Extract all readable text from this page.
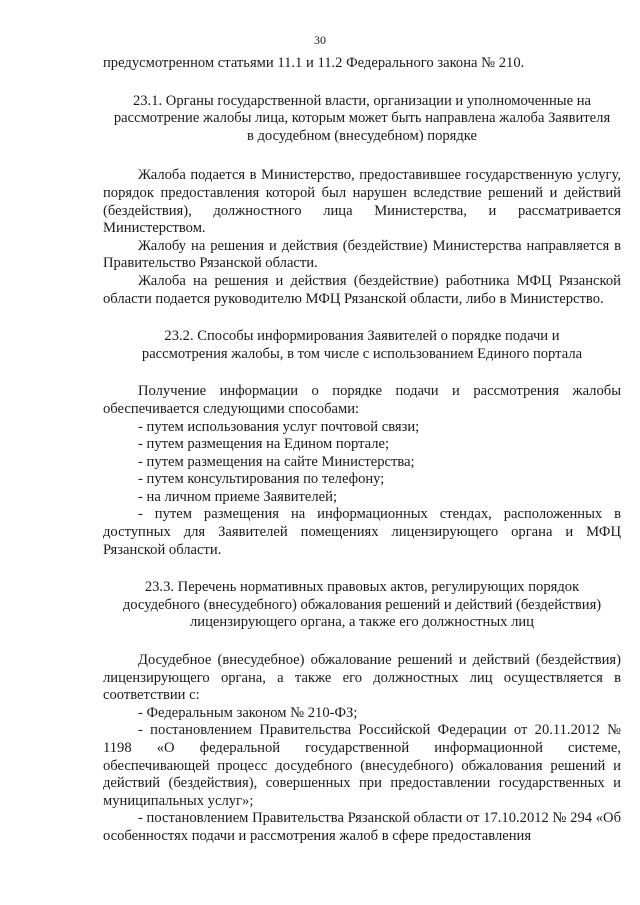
30

предусмотренном статьями 11.1 и 11.2 Федерального закона № 210.

23.1. Органы государственной власти, организации и уполномоченные на рассмотрение жалобы лица, которым может быть направлена жалоба Заявителя в досудебном (внесудебном) порядке

Жалоба подается в Министерство, предоставившее государственную услугу, порядок предоставления которой был нарушен вследствие решений и действий (бездействия), должностного лица Министерства, и рассматривается Министерством.

Жалобу на решения и действия (бездействие) Министерства направляется в Правительство Рязанской области.

Жалоба на решения и действия (бездействие) работника МФЦ Рязанской области подается руководителю МФЦ Рязанской области, либо в Министерство.

23.2. Способы информирования Заявителей о порядке подачи и рассмотрения жалобы, в том числе с использованием Единого портала

Получение информации о порядке подачи и рассмотрения жалобы обеспечивается следующими способами:

- путем использования услуг почтовой связи;

- путем размещения на Едином портале;

- путем размещения на сайте Министерства;

- путем консультирования по телефону;

- на личном приеме Заявителей;

- путем размещения на информационных стендах, расположенных в доступных для Заявителей помещениях лицензирующего органа и МФЦ Рязанской области.

23.3. Перечень нормативных правовых актов, регулирующих порядок досудебного (внесудебного) обжалования решений и действий (бездействия) лицензирующего органа, а также его должностных лиц

Досудебное (внесудебное) обжалование решений и действий (бездействия) лицензирующего органа, а также его должностных лиц осуществляется в соответствии с:

- Федеральным законом № 210-ФЗ;

- постановлением Правительства Российской Федерации от 20.11.2012 № 1198 «О федеральной государственной информационной системе, обеспечивающей процесс досудебного (внесудебного) обжалования решений и действий (бездействия), совершенных при предоставлении государственных и муниципальных услуг»;

- постановлением Правительства Рязанской области от 17.10.2012 № 294 «Об особенностях подачи и рассмотрения жалоб в сфере предоставления
